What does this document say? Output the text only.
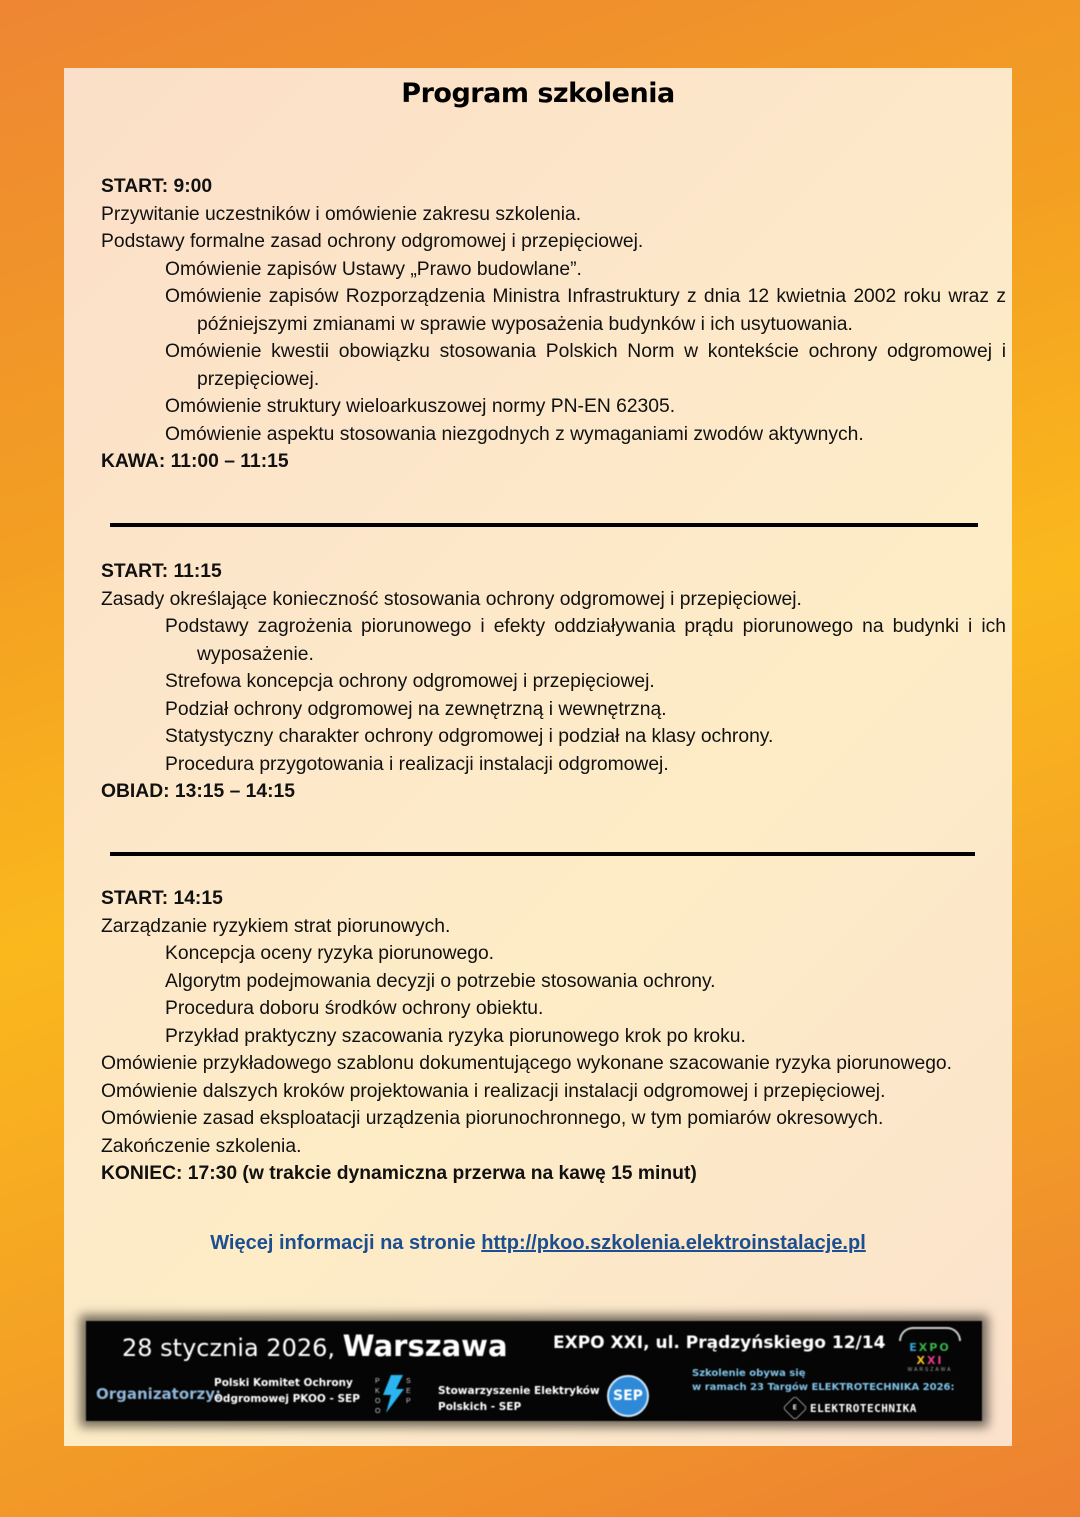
Program szkolenia
START: 9:00
Przywitanie uczestników i omówienie zakresu szkolenia.
Podstawy formalne zasad ochrony odgromowej i przepięciowej.
Omówienie zapisów Ustawy „Prawo budowlane”.
Omówienie zapisów Rozporządzenia Ministra Infrastruktury z dnia 12 kwietnia 2002 roku wraz z późniejszymi zmianami w sprawie wyposażenia budynków i ich usytuowania.
Omówienie kwestii obowiązku stosowania Polskich Norm w kontekście ochrony odgromowej i przepięciowej.
Omówienie struktury wieloarkuszowej normy PN-EN 62305.
Omówienie aspektu stosowania niezgodnych z wymaganiami zwodów aktywnych.
KAWA: 11:00 – 11:15
START: 11:15
Zasady określające konieczność stosowania ochrony odgromowej i przepięciowej.
Podstawy zagrożenia piorunowego i efekty oddziaływania prądu piorunowego na budynki i ich wyposażenie.
Strefowa koncepcja ochrony odgromowej i przepięciowej.
Podział ochrony odgromowej na zewnętrzną i wewnętrzną.
Statystyczny charakter ochrony odgromowej i podział na klasy ochrony.
Procedura przygotowania i realizacji instalacji odgromowej.
OBIAD: 13:15 – 14:15
START: 14:15
Zarządzanie ryzykiem strat piorunowych.
Koncepcja oceny ryzyka piorunowego.
Algorytm podejmowania decyzji o potrzebie stosowania ochrony.
Procedura doboru środków ochrony obiektu.
Przykład praktyczny szacowania ryzyka piorunowego krok po kroku.
Omówienie przykładowego szablonu dokumentującego wykonane szacowanie ryzyka piorunowego.
Omówienie dalszych kroków projektowania i realizacji instalacji odgromowej i przepięciowej.
Omówienie zasad eksploatacji urządzenia piorunochronnego, w tym pomiarów okresowych.
Zakończenie szkolenia.
KONIEC: 17:30 (w trakcie dynamiczna przerwa na kawę 15 minut)
Więcej informacji na stronie http://pkoo.szkolenia.elektroinstalacje.pl
28 stycznia 2026, Warszawa	EXPO XXI, ul. Prądzyńskiego 12/14
Organizatorzy:
Polski Komitet Ochrony
Odgromowej PKOO - SEP
P
K
O
O
S
E
P
Stowarzyszenie Elektryków
Polskich - SEP
SEP
Szkolenie obywa się
w ramach 23 Targów ELEKTROTECHNIKA 2026:
EXPO XXI
WARSZAWA
E ELEKTROTECHNIKA
